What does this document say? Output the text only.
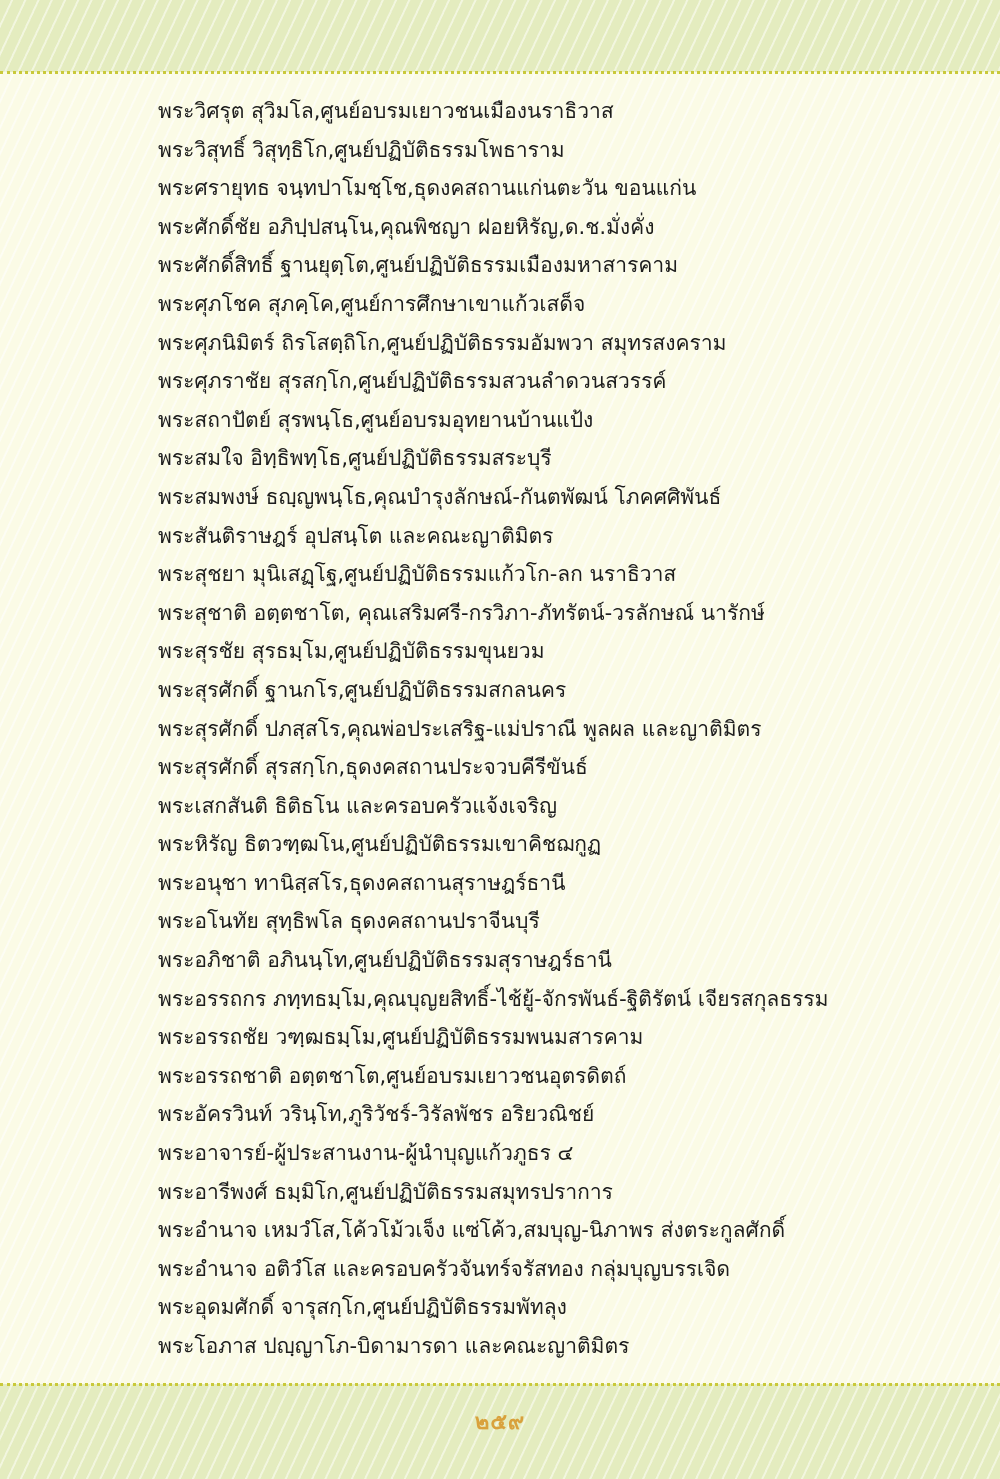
พระวิศรุต สุวิมโล,ศูนย์อบรมเยาวชนเมืองนราธิวาส
พระวิสุทธิ์ วิสุทฺธิโก,ศูนย์ปฏิบัติธรรมโพธาราม
พระศรายุทธ จนฺทปาโมชฺโช,ธุดงคสถานแก่นตะวัน ขอนแก่น
พระศักดิ์ชัย อภิปฺปสนฺโน,คุณพิชญา ฝอยหิรัญ,ด.ช.มั่งคั่ง
พระศักดิ์สิทธิ์ ฐานยุตฺโต,ศูนย์ปฏิบัติธรรมเมืองมหาสารคาม
พระศุภโชค สุภคฺโค,ศูนย์การศึกษาเขาแก้วเสด็จ
พระศุภนิมิตร์ ถิรโสตฺถิโก,ศูนย์ปฏิบัติธรรมอัมพวา สมุทรสงคราม
พระศุภราชัย สุรสกฺโก,ศูนย์ปฏิบัติธรรมสวนลำดวนสวรรค์
พระสถาปัตย์ สุรพนฺโธ,ศูนย์อบรมอุทยานบ้านแป้ง
พระสมใจ อิทฺธิพทฺโธ,ศูนย์ปฏิบัติธรรมสระบุรี
พระสมพงษ์ ธญฺญพนฺโธ,คุณบำรุงลักษณ์-กันตพัฒน์ โภคศศิพันธ์
พระสันติราษฎร์ อุปสนฺโต และคณะญาติมิตร
พระสุชยา มุนิเสฏฺโฐ,ศูนย์ปฏิบัติธรรมแก้วโก-ลก นราธิวาส
พระสุชาติ อตฺตชาโต, คุณเสริมศรี-กรวิภา-ภัทรัตน์-วรลักษณ์ นารักษ์
พระสุรชัย สุรธมฺโม,ศูนย์ปฏิบัติธรรมขุนยวม
พระสุรศักดิ์ ฐานกโร,ศูนย์ปฏิบัติธรรมสกลนคร
พระสุรศักดิ์ ปภสฺสโร,คุณพ่อประเสริฐ-แม่ปราณี พูลผล และญาติมิตร
พระสุรศักดิ์ สุรสกฺโก,ธุดงคสถานประจวบคีรีขันธ์
พระเสกสันติ ธิติธโน และครอบครัวแจ้งเจริญ
พระหิรัญ ธิตวฑฺฒโน,ศูนย์ปฏิบัติธรรมเขาคิชฌกูฏ
พระอนุชา ทานิสฺสโร,ธุดงคสถานสุราษฎร์ธานี
พระอโนทัย สุทฺธิพโล ธุดงคสถานปราจีนบุรี
พระอภิชาติ อภินนฺโท,ศูนย์ปฏิบัติธรรมสุราษฎร์ธานี
พระอรรถกร ภทฺทธมฺโม,คุณบุญยสิทธิ์-ไช้ยู้-จักรพันธ์-ฐิติรัตน์ เจียรสกุลธรรม
พระอรรถชัย วฑฺฒธมฺโม,ศูนย์ปฏิบัติธรรมพนมสารคาม
พระอรรถชาติ อตฺตชาโต,ศูนย์อบรมเยาวชนอุตรดิตถ์
พระอัครวินท์ วรินฺโท,ภูริวัชร์-วิรัลพัชร อริยวณิชย์
พระอาจารย์-ผู้ประสานงาน-ผู้นำบุญแก้วภูธร ๔
พระอารีพงศ์ ธมฺมิโก,ศูนย์ปฏิบัติธรรมสมุทรปราการ
พระอำนาจ เหมวํโส,โค้วโม้วเจ็ง แซ่โค้ว,สมบุญ-นิภาพร ส่งตระกูลศักดิ์
พระอำนาจ อติวํโส และครอบครัวจันทร์จรัสทอง กลุ่มบุญบรรเจิด
พระอุดมศักดิ์ จารุสกฺโก,ศูนย์ปฏิบัติธรรมพัทลุง
พระโอภาส ปญฺญาโภ-บิดามารดา และคณะญาติมิตร
๒๕๙
